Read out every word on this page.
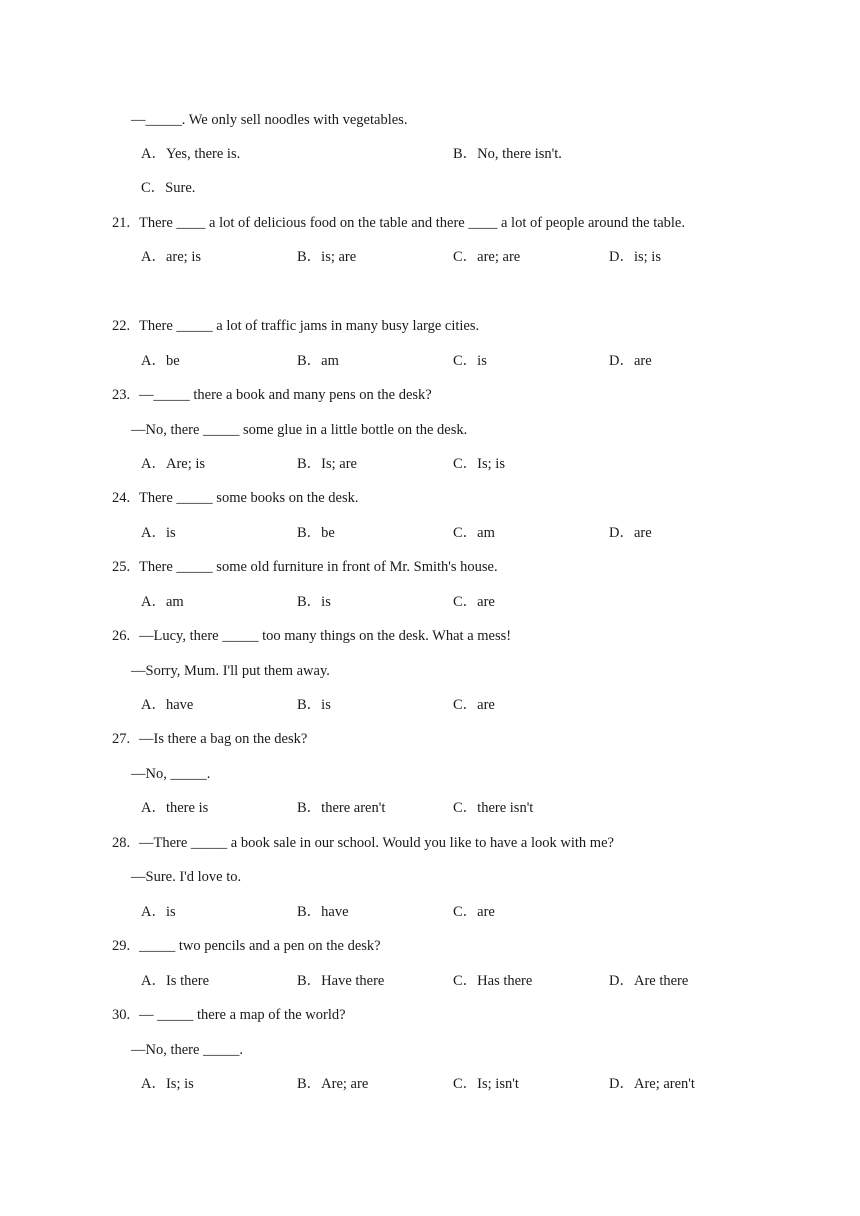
—_____. We only sell noodles with vegetables.
A．Yes, there is.	B．No, there isn't.
C．Sure.
21. There ____ a lot of delicious food on the table and there ____ a lot of people around the table.
A．are; is	B．is; are	C．are; are	D．is; is
22. There _____ a lot of traffic jams in many busy large cities.
A．be	B．am	C．is	D．are
23. —_____ there a book and many pens on the desk?
—No, there _____ some glue in a little bottle on the desk.
A．Are; is	B．Is; are	C．Is; is
24. There _____ some books on the desk.
A．is	B．be	C．am	D．are
25. There _____ some old furniture in front of Mr. Smith's house.
A．am	B．is	C．are
26. —Lucy, there _____ too many things on the desk. What a mess!
—Sorry, Mum. I'll put them away.
A．have	B．is	C．are
27. —Is there a bag on the desk?
—No, _____.
A．there is	B．there aren't	C．there isn't
28. —There _____ a book sale in our school. Would you like to have a look with me?
—Sure. I'd love to.
A．is	B．have	C．are
29. _____ two pencils and a pen on the desk?
A．Is there	B．Have there	C．Has there	D．Are there
30. — _____ there a map of the world?
—No, there _____.
A．Is; is	B．Are; are	C．Is; isn't	D．Are; aren't
